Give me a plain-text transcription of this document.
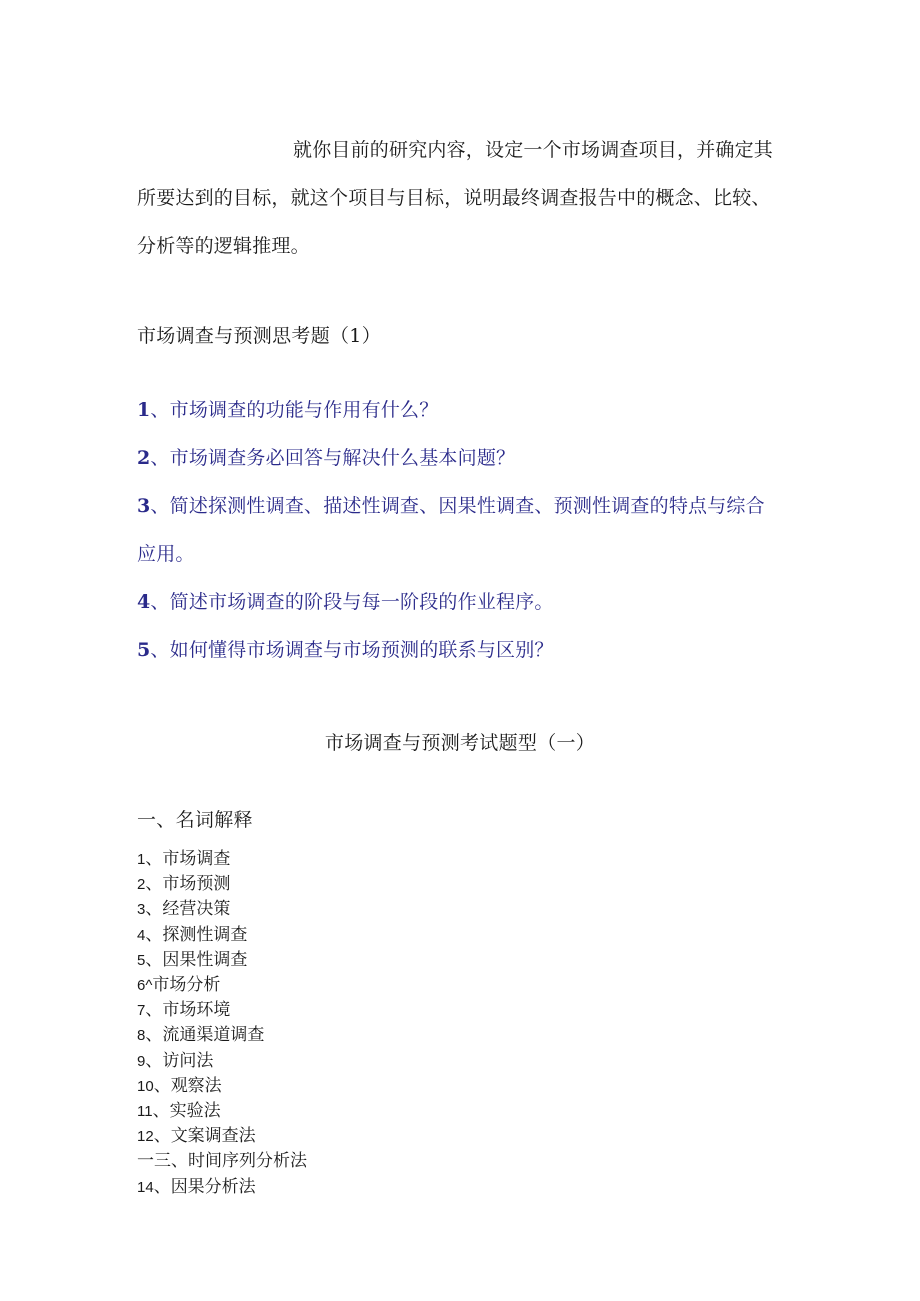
就你目前的研究内容，设定一个市场调查项目，并确定其所要达到的目标，就这个项目与目标，说明最终调查报告中的概念、比较、分析等的逻辑推理。

市场调查与预测思考题（1）

1、市场调查的功能与作用有什么？
2、市场调查务必回答与解决什么基本问题？
3、简述探测性调查、描述性调查、因果性调查、预测性调查的特点与综合应用。
4、简述市场调查的阶段与每一阶段的作业程序。
5、如何懂得市场调查与市场预测的联系与区别？

市场调查与预测考试题型（一）

一、名词解释

1、市场调查
2、市场预测
3、经营决策
4、探测性调查
5、因果性调查
6^市场分析
7、市场环境
8、流通渠道调查
9、访问法
10、观察法
11、实验法
12、文案调查法
一三、时间序列分析法
14、因果分析法
